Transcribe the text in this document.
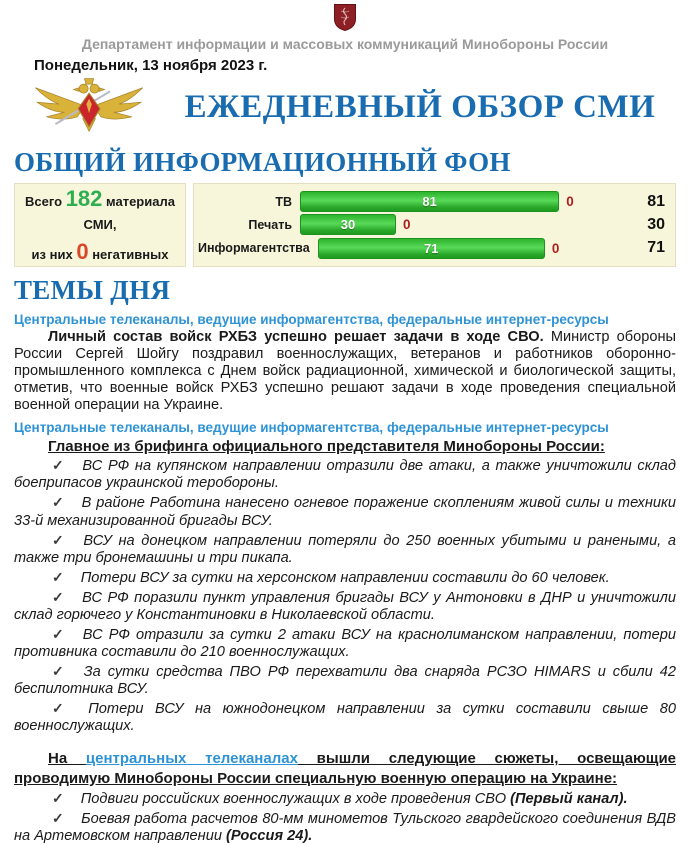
Департамент информации и массовых коммуникаций Минобороны России
Понедельник, 13 ноября 2023 г.
ЕЖЕДНЕВНЫЙ ОБЗОР СМИ
ОБЩИЙ ИНФОРМАЦИОННЫЙ ФОН
Всего 182 материала СМИ,
из них 0 негативных
ТВ	81	0	81
Печать	30	0	30
Информагентства	71	0	71
ТЕМЫ ДНЯ
Центральные телеканалы, ведущие информагентства, федеральные интернет-ресурсы

Личный состав войск РХБЗ успешно решает задачи в ходе СВО. Министр обороны России Сергей Шойгу поздравил военнослужащих, ветеранов и работников оборонно-промышленного комплекса с Днем войск радиационной, химической и биологической защиты, отметив, что военные войск РХБЗ успешно решают задачи в ходе проведения специальной военной операции на Украине.

Центральные телеканалы, ведущие информагентства, федеральные интернет-ресурсы

Главное из брифинга официального представителя Минобороны России:

✓ ВС РФ на купянском направлении отразили две атаки, а также уничтожили склад боеприпасов украинской теробороны.

✓ В районе Работина нанесено огневое поражение скоплениям живой силы и техники 33-й механизированной бригады ВСУ.

✓ ВСУ на донецком направлении потеряли до 250 военных убитыми и ранеными, а также три бронемашины и три пикапа.

✓ Потери ВСУ за сутки на херсонском направлении составили до 60 человек.

✓ ВС РФ поразили пункт управления бригады ВСУ у Антоновки в ДНР и уничтожили склад горючего у Константиновки в Николаевской области.

✓ ВС РФ отразили за сутки 2 атаки ВСУ на краснолиманском направлении, потери противника составили до 210 военнослужащих.

✓ За сутки средства ПВО РФ перехватили два снаряда РСЗО HIMARS и сбили 42 беспилотника ВСУ.

✓ Потери ВСУ на южнодонецком направлении за сутки составили свыше 80 военнослужащих.

На центральных телеканалах вышли следующие сюжеты, освещающие проводимую Минобороны России специальную военную операцию на Украине:

✓ Подвиги российских военнослужащих в ходе проведения СВО (Первый канал).

✓ Боевая работа расчетов 80-мм минометов Тульского гвардейского соединения ВДВ на Артемовском направлении (Россия 24).
